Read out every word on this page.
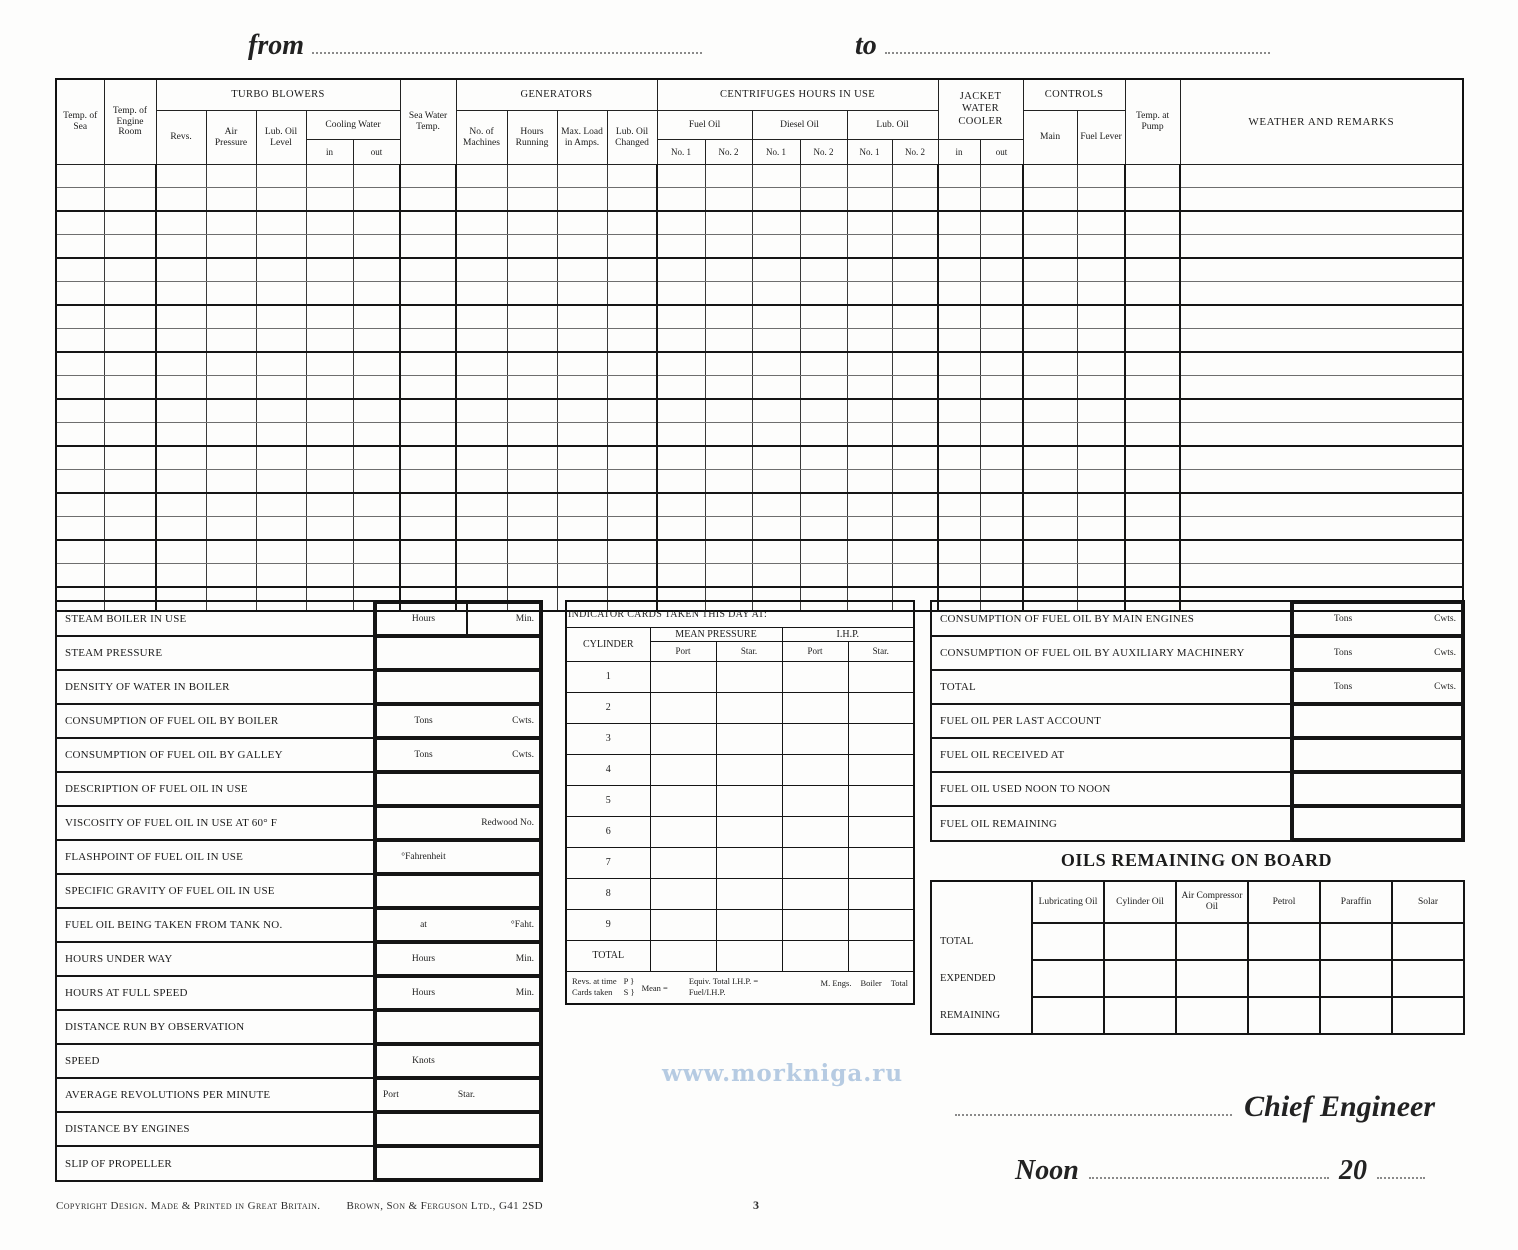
from	to
Temp. of Sea	Temp. of Engine Room	TURBO BLOWERS					Sea Water Temp.	GENERATORS				CENTRIFUGES HOURS IN USE						JACKET WATER COOLER		CONTROLS		Temp. at Pump	WEATHER AND REMARKS
		Revs.	Air Pressure	Lub. Oil Level	Cooling Water			No. of Machines	Hours Running	Max. Load in Amps.	Lub. Oil Changed	Fuel Oil		Diesel Oil		Lub. Oil				Main	Fuel Lever		
					in	out						No. 1	No. 2	No. 1	No. 2	No. 1	No. 2	in	out				

STEAM BOILER IN USE		Hours	Min.

STEAM PRESSURE	

DENSITY OF WATER IN BOILER	

CONSUMPTION OF FUEL OIL BY BOILER		Tons	Cwts.

CONSUMPTION OF FUEL OIL BY GALLEY		Tons	Cwts.

DESCRIPTION OF FUEL OIL IN USE	

VISCOSITY OF FUEL OIL IN USE AT 60° F		Redwood No.

FLASHPOINT OF FUEL OIL IN USE		°Fahrenheit

SPECIFIC GRAVITY OF FUEL OIL IN USE	

FUEL OIL BEING TAKEN FROM TANK NO.		at	°Faht.

HOURS UNDER WAY		Hours	Min.

HOURS AT FULL SPEED		Hours	Min.

DISTANCE RUN BY OBSERVATION	

SPEED		Knots

AVERAGE REVOLUTIONS PER MINUTE		Port	Star.

DISTANCE BY ENGINES	

SLIP OF PROPELLER	
INDICATOR CARDS TAKEN THIS DAY AT:				
CYLINDER	MEAN PRESSURE		I.H.P.	
	Port	Star.	Port	Star.
1				
2				
3				
4				
5				
6				
7				
8				
9				
TOTAL				

Revs. at time
Cards taken
P }
S } Mean =
Equiv. Total I.H.P. =
Fuel/I.H.P.
M. Engs. Boiler Total
CONSUMPTION OF FUEL OIL BY MAIN ENGINES		Tons	Cwts.

CONSUMPTION OF FUEL OIL BY AUXILIARY MACHINERY		Tons	Cwts.

TOTAL		Tons	Cwts.

FUEL OIL PER LAST ACCOUNT	

FUEL OIL RECEIVED AT	

FUEL OIL USED NOON TO NOON	

FUEL OIL REMAINING	
OILS REMAINING ON BOARD
	Lubricating Oil	Cylinder Oil	Air Compressor Oil	Petrol	Paraffin	Solar
TOTAL						
EXPENDED						
REMAINING						
Chief Engineer
Noon	20
www.morkniga.ru
Copyright Design. Made & Printed in Great Britain. Brown, Son & Ferguson Ltd., G41 2SD	3
